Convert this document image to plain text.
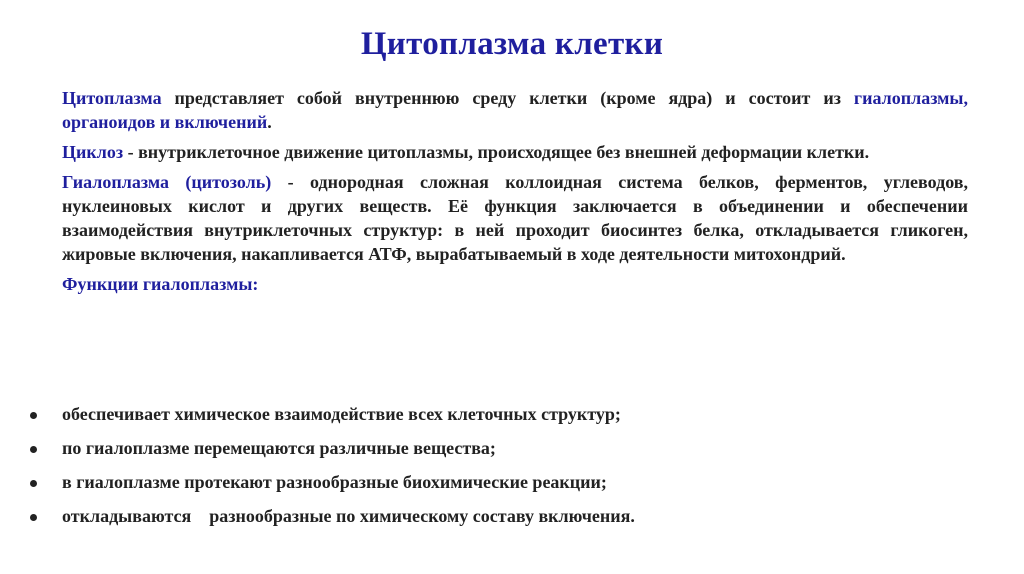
Цитоплазма клетки

Цитоплазма представляет собой внутреннюю среду клетки (кроме ядра) и состоит из гиалоплазмы, органоидов и включений.

Циклоз - внутриклеточное движение цитоплазмы, происходящее без внешней деформации клетки.

Гиалоплазма (цитозоль) - однородная сложная коллоидная система белков, ферментов, углеводов, нуклеиновых кислот и других веществ. Её функция заключается в объединении и обеспечении взаимодействия внутриклеточных структур: в ней проходит биосинтез белка, откладывается гликоген, жировые включения, накапливается АТФ, вырабатываемый в ходе деятельности митохондрий.

Функции гиалоплазмы:
обеспечивает химическое взаимодействие всех клеточных структур;
по гиалоплазме перемещаются различные вещества;
в гиалоплазме протекают разнообразные биохимические реакции;
откладываются    разнообразные по химическому составу включения.
